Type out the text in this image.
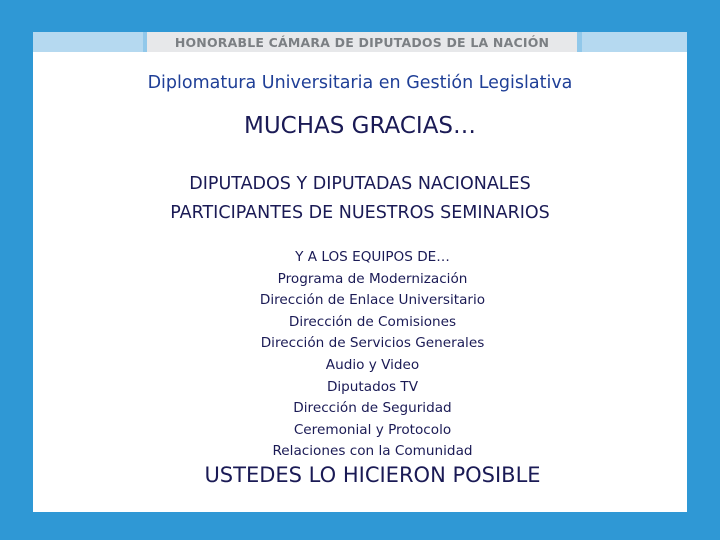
HONORABLE CÁMARA DE DIPUTADOS DE LA NACIÓN
Diplomatura Universitaria en Gestión Legislativa
MUCHAS GRACIAS…
DIPUTADOS Y DIPUTADAS NACIONALES
PARTICIPANTES DE NUESTROS SEMINARIOS
Y A LOS EQUIPOS DE…
Programa de Modernización
Dirección de Enlace Universitario
Dirección de Comisiones
Dirección de Servicios Generales
Audio y Video
Diputados TV
Dirección de Seguridad
Ceremonial y Protocolo
Relaciones con la Comunidad
USTEDES LO HICIERON POSIBLE
